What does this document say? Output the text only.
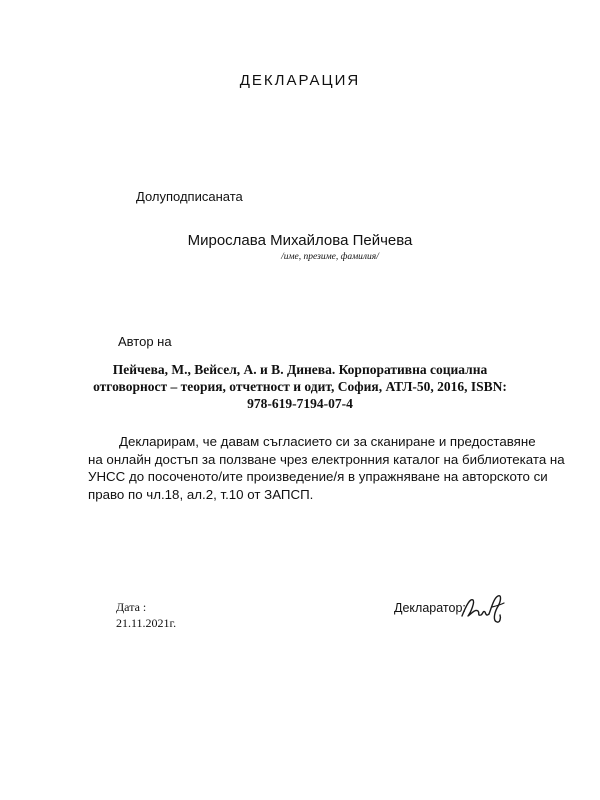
ДЕКЛАРАЦИЯ
Долуподписаната
Мирослава Михайлова Пейчева
/име, презиме, фамилия/
Автор на
Пейчева, М., Вейсел, А. и В. Динева. Корпоративна социална
отговорност – теория, отчетност и одит, София, АТЛ-50, 2016, ISBN:
978-619-7194-07-4
Декларирам, че давам съгласието си за сканиране и предоставяне
на онлайн достъп за ползване чрез електронния каталог на библиотеката на
УНСС до посоченото/ите произведение/я в упражняване на авторското си
право по чл.18, ал.2, т.10 от ЗАПСП.
Дата :
21.11.2021г.
Декларатор:
